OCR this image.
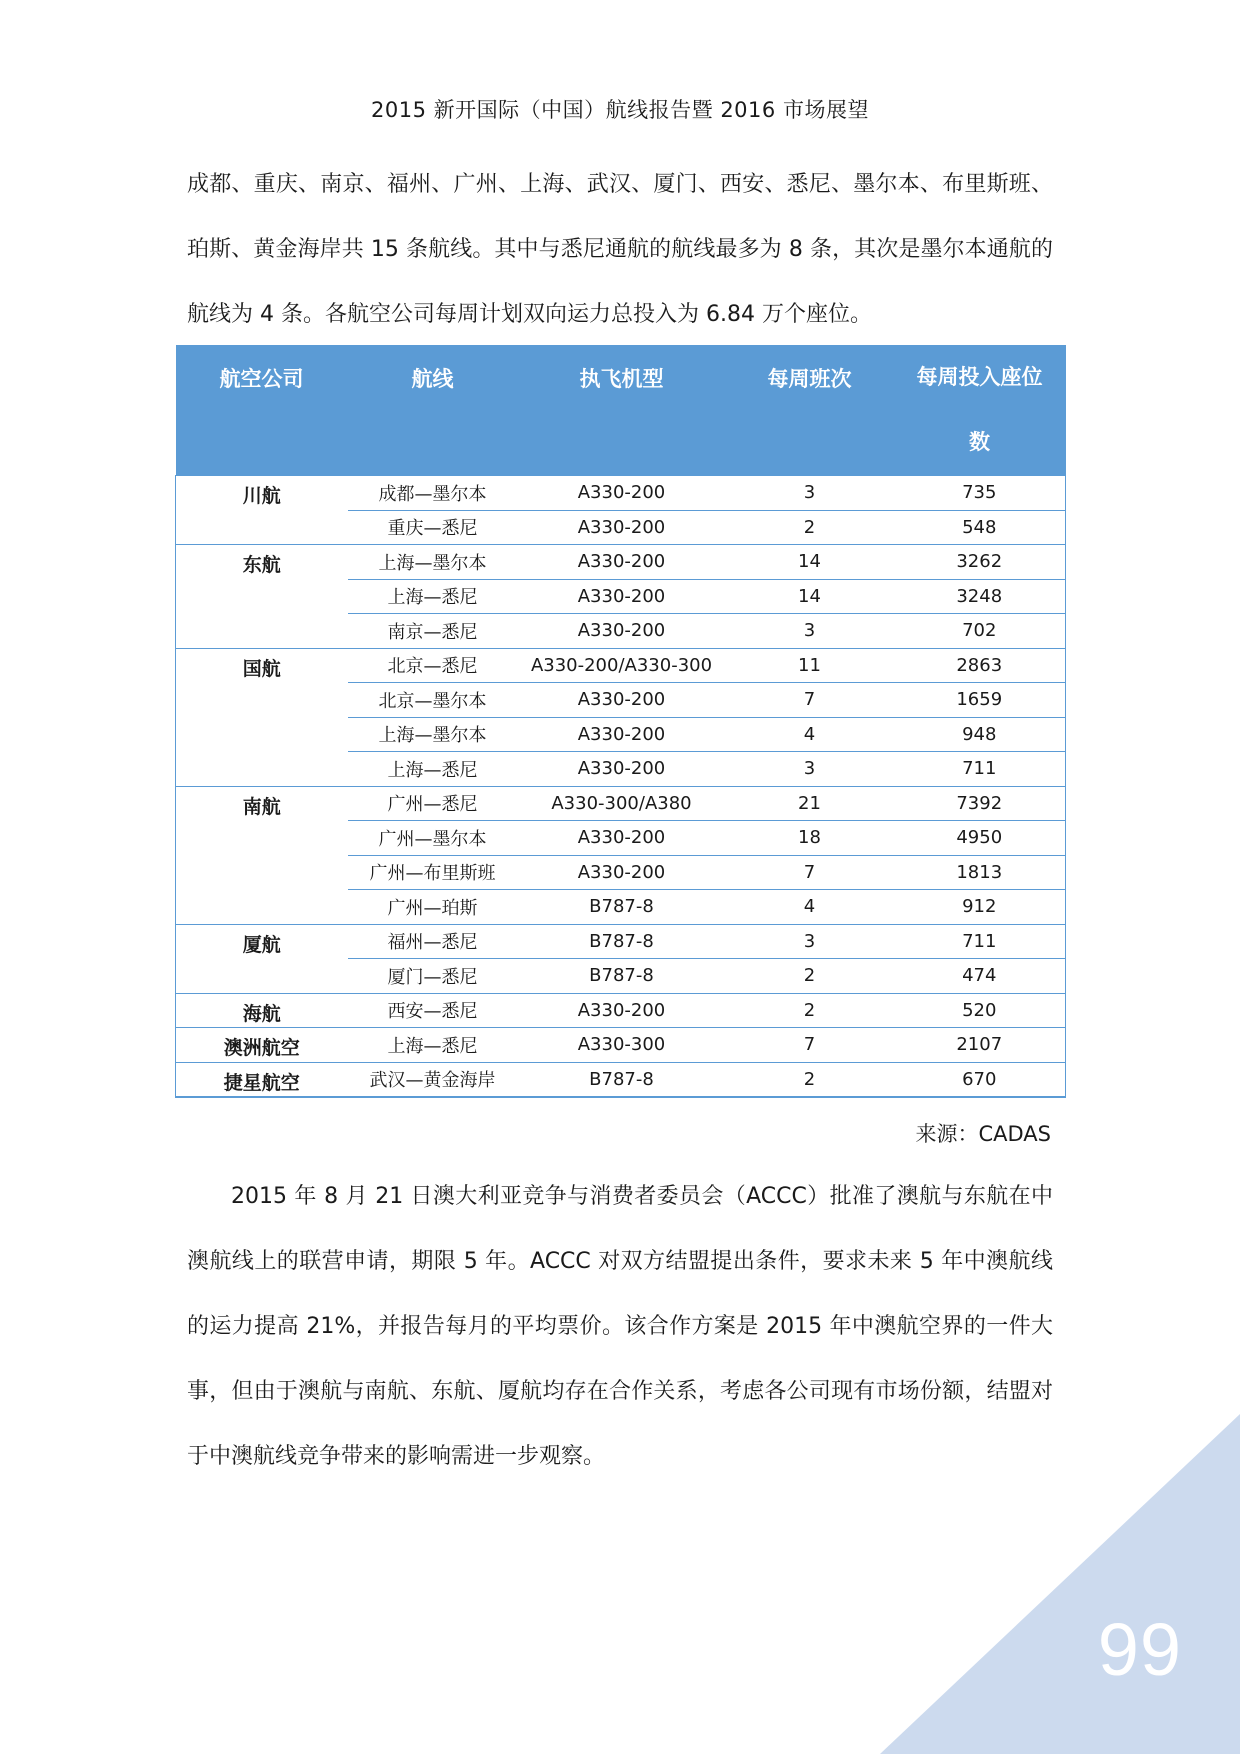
2015 新开国际（中国）航线报告暨 2016 市场展望

成都、重庆、南京、福州、广州、上海、武汉、厦门、西安、悉尼、墨尔本、布里斯班、珀斯、黄金海岸共 15 条航线。其中与悉尼通航的航线最多为 8 条，其次是墨尔本通航的航线为 4 条。各航空公司每周计划双向运力总投入为 6.84 万个座位。

航空公司	航线	执飞机型	每周班次	每周投入座位数
川航	成都—墨尔本	A330-200	3	735
	重庆—悉尼	A330-200	2	548
东航	上海—墨尔本	A330-200	14	3262
	上海—悉尼	A330-200	14	3248
	南京—悉尼	A330-200	3	702
国航	北京—悉尼	A330-200/A330-300	11	2863
	北京—墨尔本	A330-200	7	1659
	上海—墨尔本	A330-200	4	948
	上海—悉尼	A330-200	3	711
南航	广州—悉尼	A330-300/A380	21	7392
	广州—墨尔本	A330-200	18	4950
	广州—布里斯班	A330-200	7	1813
	广州—珀斯	B787-8	4	912
厦航	福州—悉尼	B787-8	3	711
	厦门—悉尼	B787-8	2	474
海航	西安—悉尼	A330-200	2	520
澳洲航空	上海—悉尼	A330-300	7	2107
捷星航空	武汉—黄金海岸	B787-8	2	670
来源：CADAS

2015 年 8 月 21 日澳大利亚竞争与消费者委员会（ACCC）批准了澳航与东航在中澳航线上的联营申请，期限 5 年。ACCC 对双方结盟提出条件，要求未来 5 年中澳航线的运力提高 21%，并报告每月的平均票价。该合作方案是 2015 年中澳航空界的一件大事，但由于澳航与南航、东航、厦航均存在合作关系，考虑各公司现有市场份额，结盟对于中澳航线竞争带来的影响需进一步观察。

99
